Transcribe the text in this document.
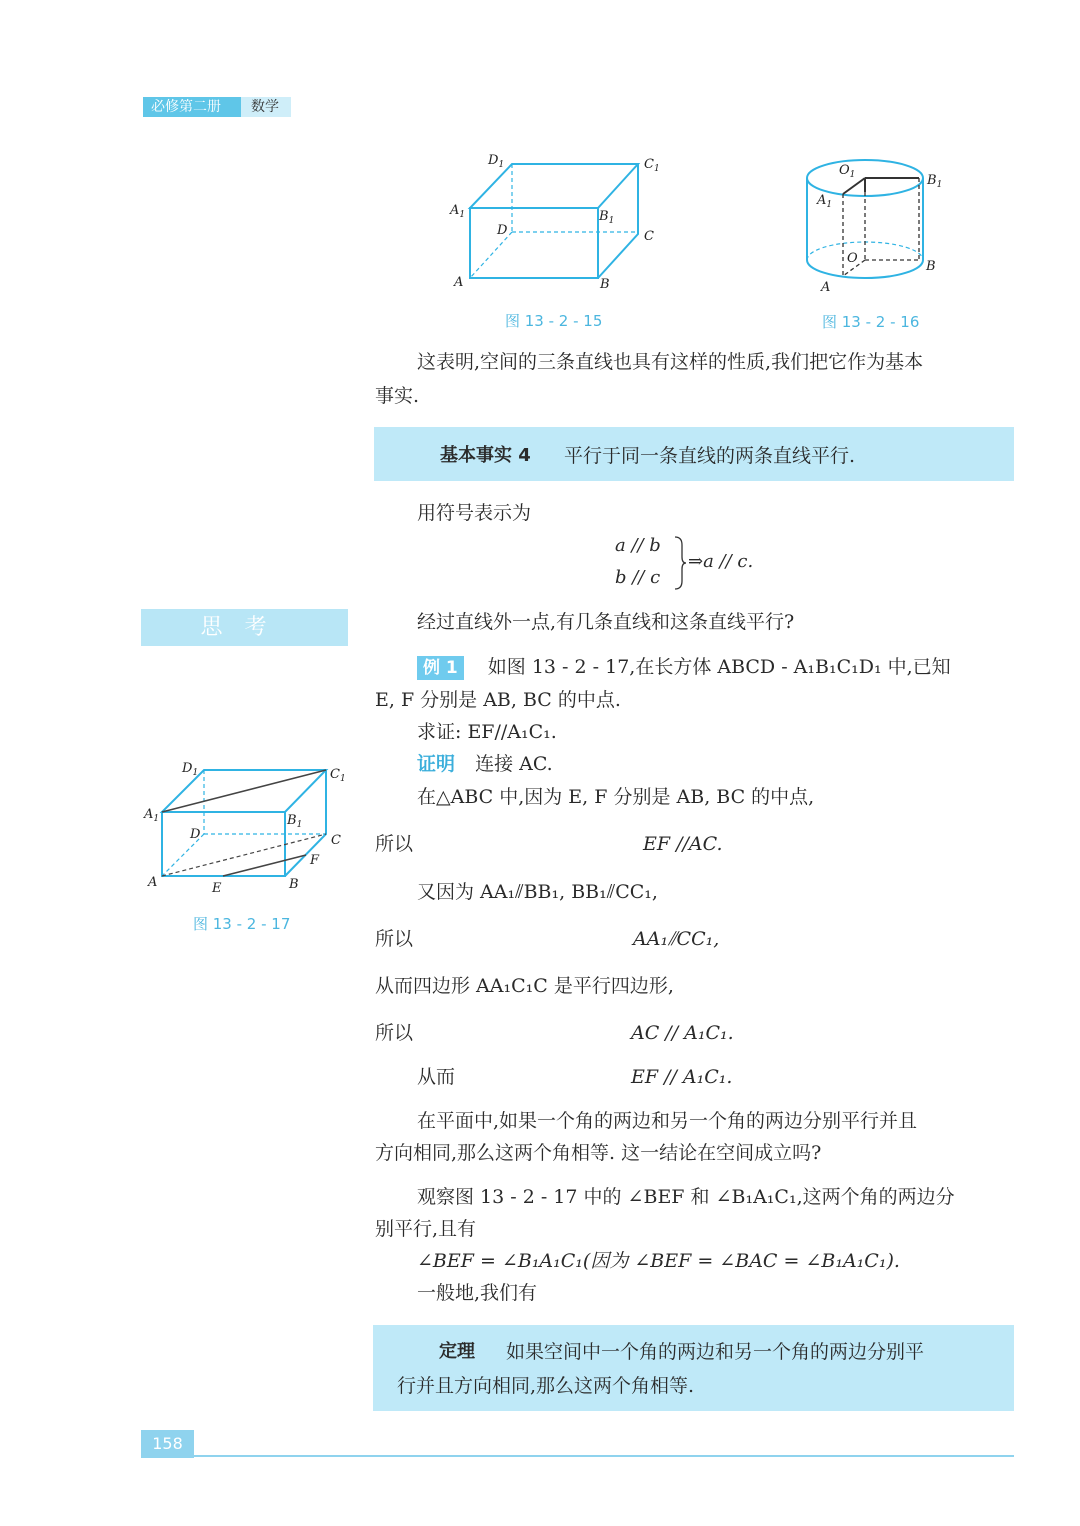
必修第二册	数学
$D_1$	$C_1$
$A_1$	$B_1$
D	C
A	B
图 13 - 2 - 15
$O_1$	$B_1$
$A_1$
O
B
A
图 13 - 2 - 16
这表明,空间的三条直线也具有这样的性质,我们把它作为基本
事实.
基本事实 4 平行于同一条直线的两条直线平行.
用符号表示为
a // b
b // c
⇒a // c.
思考	经过直线外一点,有几条直线和这条直线平行?
例 1 如图 13 - 2 - 17,在长方体 ABCD - A₁B₁C₁D₁ 中,已知
E, F 分别是 AB, BC 的中点.
求证: EF//A₁C₁.
证明 连接 AC.
在△ABC 中,因为 E, F 分别是 AB, BC 的中点,
所以	EF //AC.
又因为 AA₁⫽BB₁, BB₁⫽CC₁,
所以	AA₁⫽CC₁,
从而四边形 AA₁C₁C 是平行四边形,
所以	AC // A₁C₁.
从而	EF // A₁C₁.
$D_1$	$C_1$
$A_1$	$B_1$
D	C
F
A	E	B
图 13 - 2 - 17
在平面中,如果一个角的两边和另一个角的两边分别平行并且
方向相同,那么这两个角相等. 这一结论在空间成立吗?
观察图 13 - 2 - 17 中的 ∠BEF 和 ∠B₁A₁C₁,这两个角的两边分
别平行,且有
∠BEF = ∠B₁A₁C₁(因为 ∠BEF = ∠BAC = ∠B₁A₁C₁).
一般地,我们有
定理 如果空间中一个角的两边和另一个角的两边分别平
行并且方向相同,那么这两个角相等.
158
